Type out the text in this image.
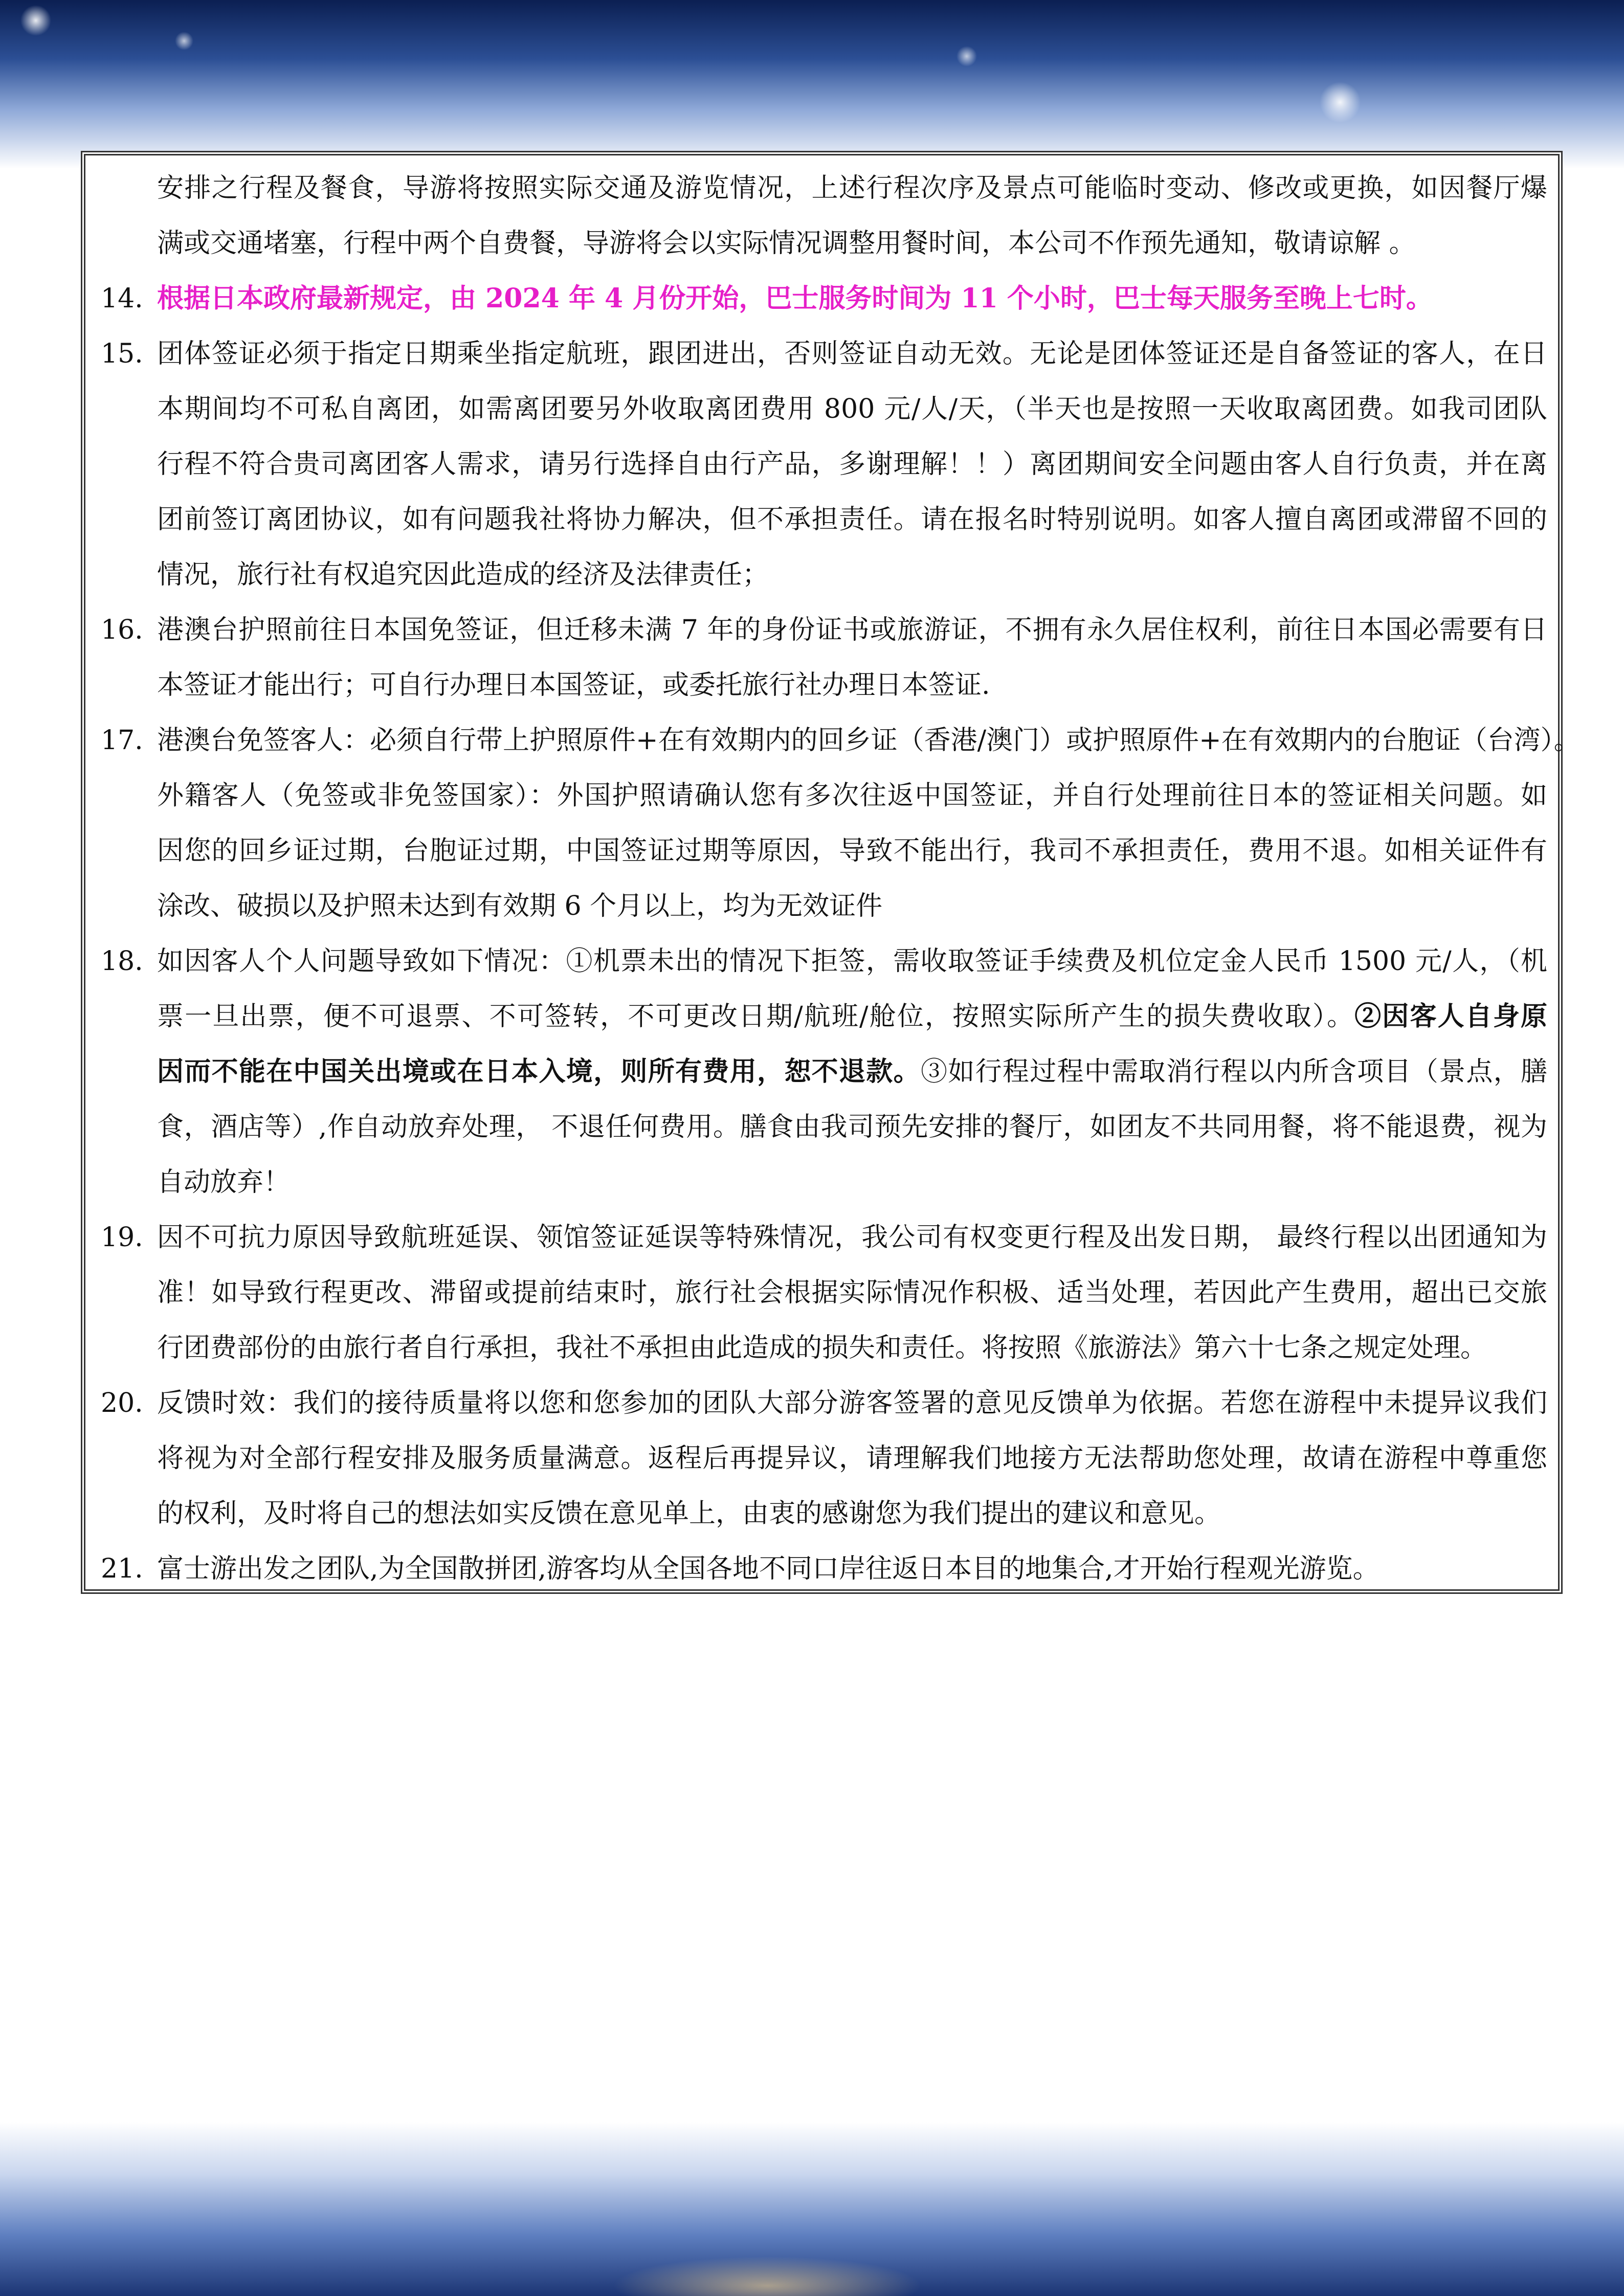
安排之行程及餐食，导游将按照实际交通及游览情况，上述行程次序及景点可能临时变动、修改或更换，如因餐厅爆
满或交通堵塞，行程中两个自费餐，导游将会以实际情况调整用餐时间，本公司不作预先通知，敬请谅解 。
14. 根据日本政府最新规定，由 2024 年 4 月份开始，巴士服务时间为 11 个小时，巴士每天服务至晚上七时。
15. 团体签证必须于指定日期乘坐指定航班，跟团进出，否则签证自动无效。无论是团体签证还是自备签证的客人，在日
本期间均不可私自离团，如需离团要另外收取离团费用 800 元/人/天，（半天也是按照一天收取离团费。如我司团队
行程不符合贵司离团客人需求，请另行选择自由行产品，多谢理解！！）离团期间安全问题由客人自行负责，并在离
团前签订离团协议，如有问题我社将协力解决，但不承担责任。请在报名时特别说明。如客人擅自离团或滞留不回的
情况，旅行社有权追究因此造成的经济及法律责任；
16. 港澳台护照前往日本国免签证，但迁移未满 7 年的身份证书或旅游证，不拥有永久居住权利，前往日本国必需要有日
本签证才能出行；可自行办理日本国签证，或委托旅行社办理日本签证.
17. 港澳台免签客人：必须自行带上护照原件+在有效期内的回乡证（香港/澳门）或护照原件+在有效期内的台胞证（台湾）。
外籍客人（免签或非免签国家）：外国护照请确认您有多次往返中国签证，并自行处理前往日本的签证相关问题。如
因您的回乡证过期，台胞证过期，中国签证过期等原因，导致不能出行，我司不承担责任，费用不退。如相关证件有
涂改、破损以及护照未达到有效期 6 个月以上，均为无效证件
18. 如因客人个人问题导致如下情况：①机票未出的情况下拒签，需收取签证手续费及机位定金人民币 1500 元/人，（机
票一旦出票，便不可退票、不可签转，不可更改日期/航班/舱位，按照实际所产生的损失费收取）。②因客人自身原
因而不能在中国关出境或在日本入境，则所有费用，恕不退款。③如行程过程中需取消行程以内所含项目（景点，膳
食，酒店等）,作自动放弃处理， 不退任何费用。膳食由我司预先安排的餐厅，如团友不共同用餐，将不能退费，视为
自动放弃！
19. 因不可抗力原因导致航班延误、领馆签证延误等特殊情况，我公司有权变更行程及出发日期， 最终行程以出团通知为
准！如导致行程更改、滞留或提前结束时，旅行社会根据实际情况作积极、适当处理，若因此产生费用，超出已交旅
行团费部份的由旅行者自行承担，我社不承担由此造成的损失和责任。将按照《旅游法》第六十七条之规定处理。
20. 反馈时效：我们的接待质量将以您和您参加的团队大部分游客签署的意见反馈单为依据。若您在游程中未提异议我们
将视为对全部行程安排及服务质量满意。返程后再提异议，请理解我们地接方无法帮助您处理，故请在游程中尊重您
的权利，及时将自己的想法如实反馈在意见单上，由衷的感谢您为我们提出的建议和意见。
21. 富士游出发之团队,为全国散拼团,游客均从全国各地不同口岸往返日本目的地集合,才开始行程观光游览。
